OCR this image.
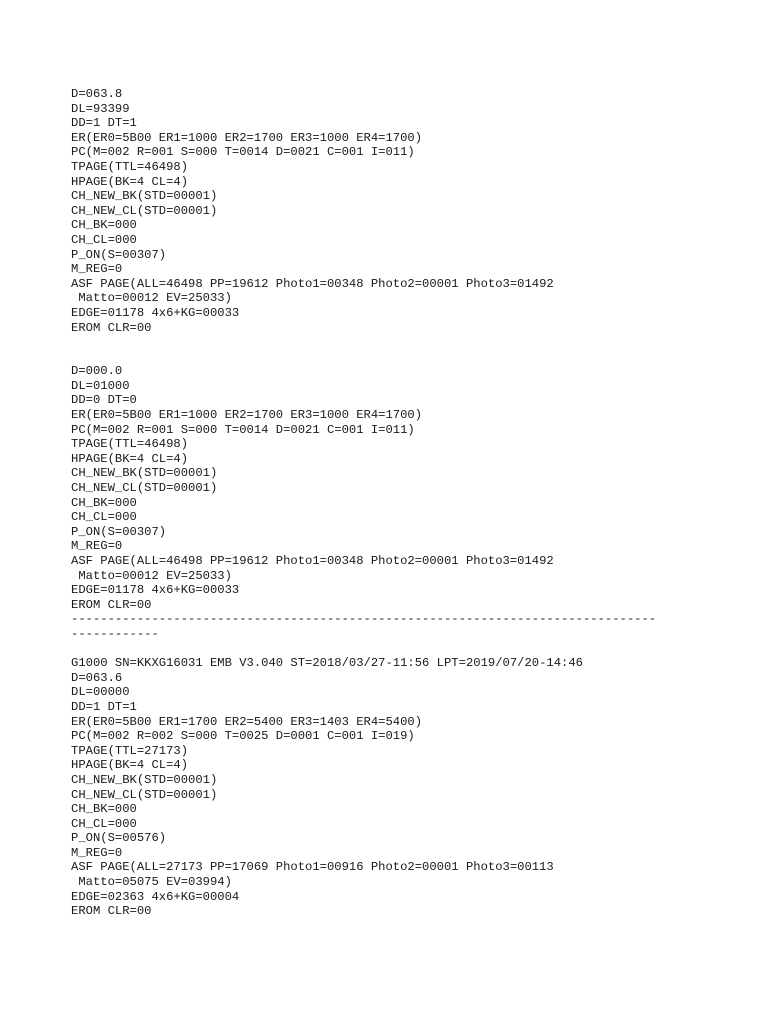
D=063.8
DL=93399
DD=1 DT=1
ER(ER0=5B00 ER1=1000 ER2=1700 ER3=1000 ER4=1700)
PC(M=002 R=001 S=000 T=0014 D=0021 C=001 I=011)
TPAGE(TTL=46498)
HPAGE(BK=4 CL=4)
CH_NEW_BK(STD=00001)
CH_NEW_CL(STD=00001)
CH_BK=000
CH_CL=000
P_ON(S=00307)
M_REG=0
ASF PAGE(ALL=46498 PP=19612 Photo1=00348 Photo2=00001 Photo3=01492
Matto=00012 EV=25033)
EDGE=01178 4x6+KG=00033
EROM CLR=00
D=000.0
DL=01000
DD=0 DT=0
ER(ER0=5B00 ER1=1000 ER2=1700 ER3=1000 ER4=1700)
PC(M=002 R=001 S=000 T=0014 D=0021 C=001 I=011)
TPAGE(TTL=46498)
HPAGE(BK=4 CL=4)
CH_NEW_BK(STD=00001)
CH_NEW_CL(STD=00001)
CH_BK=000
CH_CL=000
P_ON(S=00307)
M_REG=0
ASF PAGE(ALL=46498 PP=19612 Photo1=00348 Photo2=00001 Photo3=01492
Matto=00012 EV=25033)
EDGE=01178 4x6+KG=00033
EROM CLR=00
--------------------------------------------------------------------------------
------------
G1000 SN=KKXG16031 EMB V3.040 ST=2018/03/27-11:56 LPT=2019/07/20-14:46
D=063.6
DL=00000
DD=1 DT=1
ER(ER0=5B00 ER1=1700 ER2=5400 ER3=1403 ER4=5400)
PC(M=002 R=002 S=000 T=0025 D=0001 C=001 I=019)
TPAGE(TTL=27173)
HPAGE(BK=4 CL=4)
CH_NEW_BK(STD=00001)
CH_NEW_CL(STD=00001)
CH_BK=000
CH_CL=000
P_ON(S=00576)
M_REG=0
ASF PAGE(ALL=27173 PP=17069 Photo1=00916 Photo2=00001 Photo3=00113
Matto=05075 EV=03994)
EDGE=02363 4x6+KG=00004
EROM CLR=00
